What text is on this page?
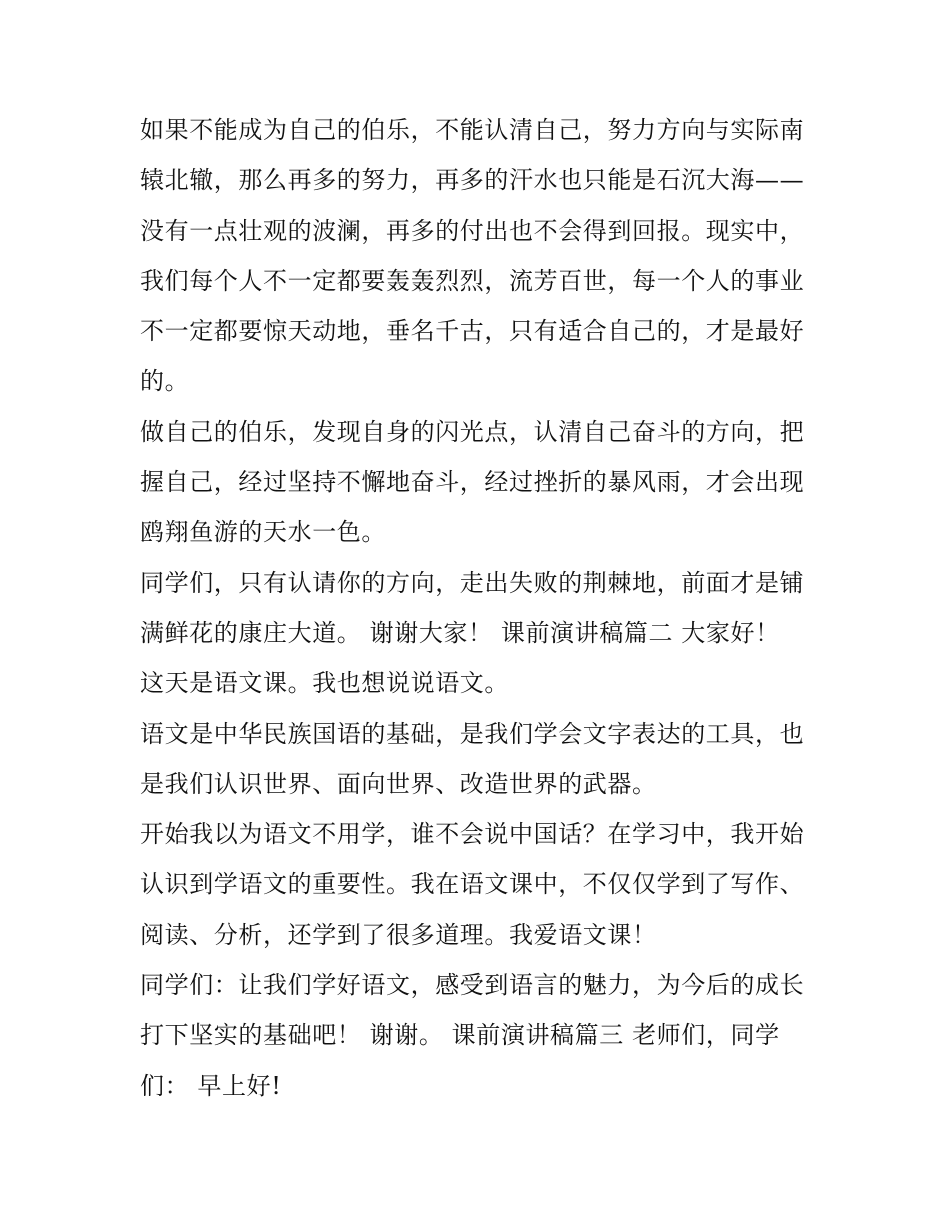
如果不能成为自己的伯乐，不能认清自己，努力方向与实际南
辕北辙，那么再多的努力，再多的汗水也只能是石沉大海——
没有一点壮观的波澜，再多的付出也不会得到回报。现实中，
我们每个人不一定都要轰轰烈烈，流芳百世，每一个人的事业
不一定都要惊天动地，垂名千古，只有适合自己的，才是最好
的。

做自己的伯乐，发现自身的闪光点，认清自己奋斗的方向，把
握自己，经过坚持不懈地奋斗，经过挫折的暴风雨，才会出现
鸥翔鱼游的天水一色。

同学们，只有认请你的方向，走出失败的荆棘地，前面才是铺
满鲜花的康庄大道。 谢谢大家！ 课前演讲稿篇二 大家好！

这天是语文课。我也想说说语文。

语文是中华民族国语的基础，是我们学会文字表达的工具，也
是我们认识世界、面向世界、改造世界的武器。

开始我以为语文不用学，谁不会说中国话？在学习中，我开始
认识到学语文的重要性。我在语文课中，不仅仅学到了写作、
阅读、分析，还学到了很多道理。我爱语文课！

同学们：让我们学好语文，感受到语言的魅力，为今后的成长
打下坚实的基础吧！ 谢谢。 课前演讲稿篇三 老师们，同学
们： 早上好!
